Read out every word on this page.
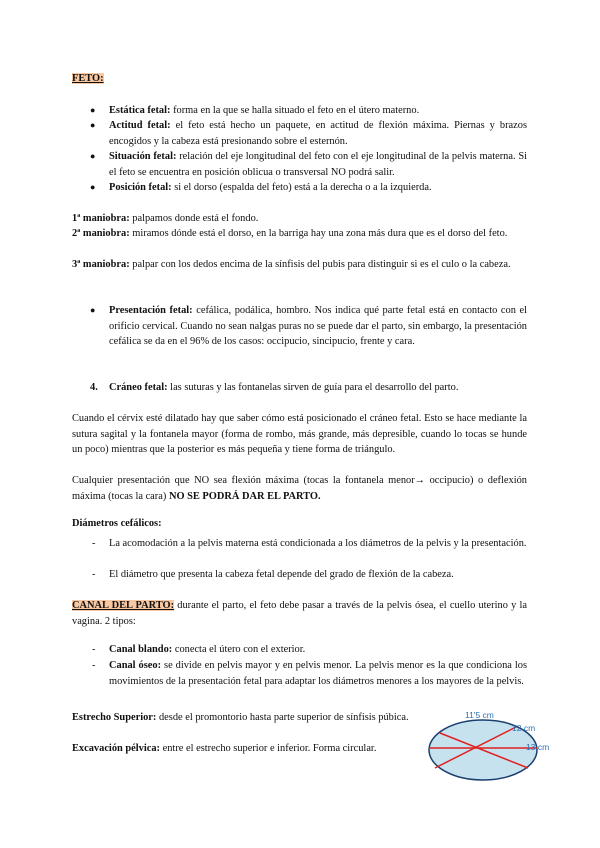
FETO:

● Estática fetal: forma en la que se halla situado el feto en el útero materno.

● Actitud fetal: el feto está hecho un paquete, en actitud de flexión máxima. Piernas y brazos encogidos y la cabeza está presionando sobre el esternón.

● Situación fetal: relación del eje longitudinal del feto con el eje longitudinal de la pelvis materna. Si el feto se encuentra en posición oblicua o transversal NO podrá salir.

● Posición fetal: si el dorso (espalda del feto) está a la derecha o a la izquierda.

1ª maniobra: palpamos donde está el fondo.

2ª maniobra: miramos dónde está el dorso, en la barriga hay una zona más dura que es el dorso del feto.

3ª maniobra: palpar con los dedos encima de la sínfisis del pubis para distinguir si es el culo o la cabeza.

● Presentación fetal: cefálica, podálica, hombro. Nos indica qué parte fetal está en contacto con el orificio cervical. Cuando no sean nalgas puras no se puede dar el parto, sin embargo, la presentación cefálica se da en el 96% de los casos: occipucio, sincipucio, frente y cara.

4. Cráneo fetal: las suturas y las fontanelas sirven de guía para el desarrollo del parto.

Cuando el cérvix esté dilatado hay que saber cómo está posicionado el cráneo fetal. Esto se hace mediante la sutura sagital y la fontanela mayor (forma de rombo, más grande, más depresible, cuando lo tocas se hunde un poco) mientras que la posterior es más pequeña y tiene forma de triángulo.

Cualquier presentación que NO sea flexión máxima (tocas la fontanela menor→ occipucio) o deflexión máxima (tocas la cara) NO SE PODRÁ DAR EL PARTO.

Diámetros cefálicos:

- La acomodación a la pelvis materna está condicionada a los diámetros de la pelvis y la presentación.

- El diámetro que presenta la cabeza fetal depende del grado de flexión de la cabeza.

CANAL DEL PARTO: durante el parto, el feto debe pasar a través de la pelvis ósea, el cuello uterino y la vagina. 2 tipos:

- Canal blando: conecta el útero con el exterior.

- Canal óseo: se divide en pelvis mayor y en pelvis menor. La pelvis menor es la que condiciona los movimientos de la presentación fetal para adaptar los diámetros menores a los mayores de la pelvis.

Estrecho Superior: desde el promontorio hasta parte superior de sínfisis púbica.

Excavación pélvica: entre el estrecho superior e inferior. Forma circular.

11'5 cm
12 cm
13 cm
